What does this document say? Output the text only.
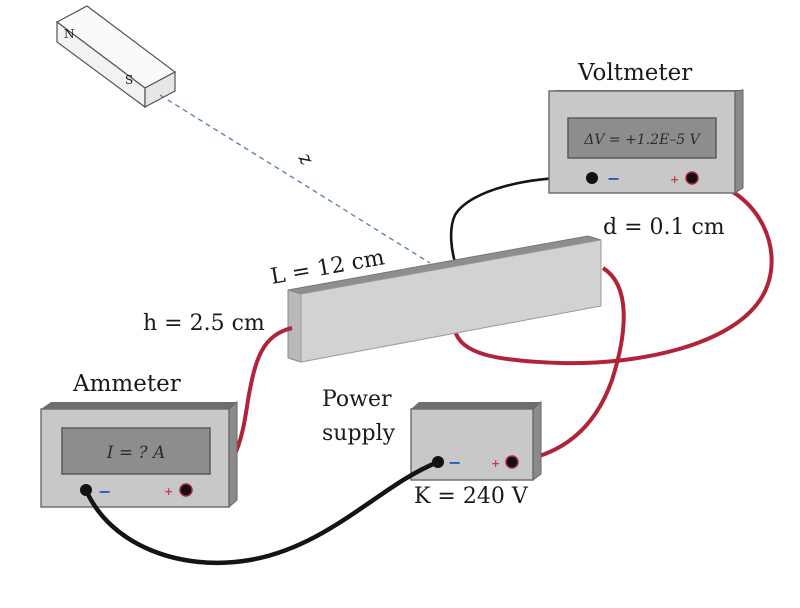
N
S
z
L = 12 cm
h = 2.5 cm
d = 0.1 cm
Voltmeter
ΔV = +1.2E–5 V
−	+
Ammeter
I = ? A
−	+
Power
supply
−	+
K = 240 V
